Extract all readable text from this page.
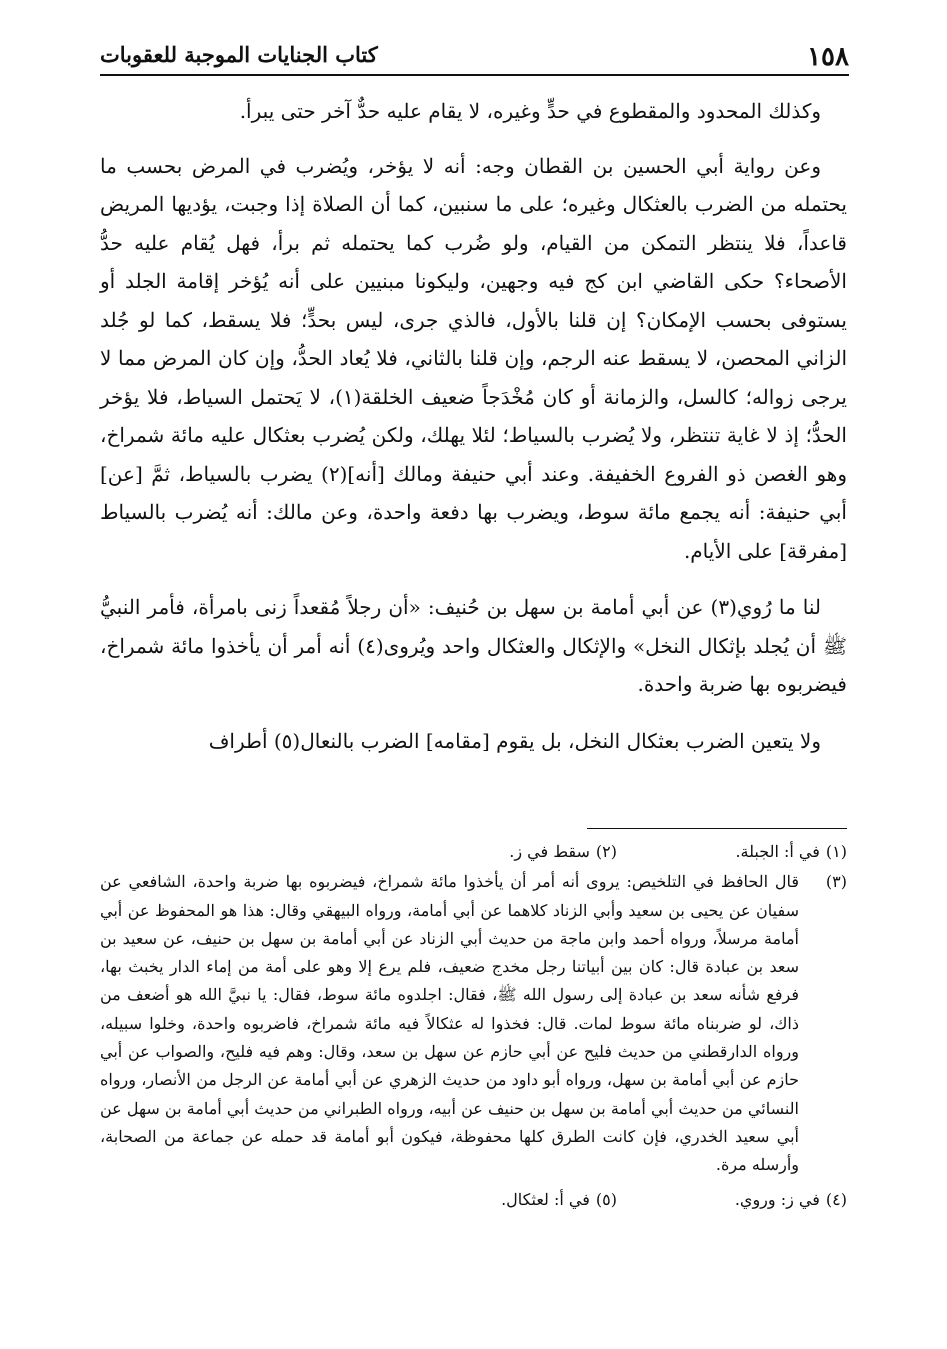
١٥٨
كتاب الجنايات الموجبة للعقوبات

وكذلك المحدود والمقطوع في حدٍّ وغيره، لا يقام عليه حدٌّ آخر حتى يبرأ.

وعن رواية أبي الحسين بن القطان وجه: أنه لا يؤخر، ويُضرب في المرض بحسب ما يحتمله من الضرب بالعثكال وغيره؛ على ما سنبين، كما أن الصلاة إذا وجبت، يؤديها المريض قاعداً، فلا ينتظر التمكن من القيام، ولو ضُرب كما يحتمله ثم برأ، فهل يُقام عليه حدُّ الأصحاء؟ حكى القاضي ابن كج فيه وجهين، وليكونا مبنيين على أنه يُؤخر إقامة الجلد أو يستوفى بحسب الإمكان؟ إن قلنا بالأول، فالذي جرى، ليس بحدٍّ؛ فلا يسقط، كما لو جُلد الزاني المحصن، لا يسقط عنه الرجم، وإن قلنا بالثاني، فلا يُعاد الحدُّ، وإن كان المرض مما لا يرجى زواله؛ كالسل، والزمانة أو كان مُخْدَجاً ضعيف الخلقة(١)، لا يَحتمل السياط، فلا يؤخر الحدُّ؛ إذ لا غاية تنتظر، ولا يُضرب بالسياط؛ لئلا يهلك، ولكن يُضرب بعثكال عليه مائة شمراخ، وهو الغصن ذو الفروع الخفيفة. وعند أبي حنيفة ومالك [أنه](٢) يضرب بالسياط، ثمَّ [عن] أبي حنيفة: أنه يجمع مائة سوط، ويضرب بها دفعة واحدة، وعن مالك: أنه يُضرب بالسياط [مفرقة] على الأيام.

لنا ما رُوي(٣) عن أبي أمامة بن سهل بن حُنيف: «أن رجلاً مُقعداً زنى بامرأة، فأمر النبيُّ ﷺ أن يُجلد بإثكال النخل» والإثكال والعثكال واحد ويُروى(٤) أنه أمر أن يأخذوا مائة شمراخ، فيضربوه بها ضربة واحدة.

ولا يتعين الضرب بعثكال النخل، بل يقوم [مقامه] الضرب بالنعال(٥) أطراف

(١)
في أ: الجبلة.
(٢)
سقط في ز.
(٣)
قال الحافظ في التلخيص: يروى أنه أمر أن يأخذوا مائة شمراخ، فيضربوه بها ضربة واحدة، الشافعي عن سفيان عن يحيى بن سعيد وأبي الزناد كلاهما عن أبي أمامة، ورواه البيهقي وقال: هذا هو المحفوظ عن أبي أمامة مرسلاً، ورواه أحمد وابن ماجة من حديث أبي الزناد عن أبي أمامة بن سهل بن حنيف، عن سعيد بن سعد بن عبادة قال: كان بين أبياتنا رجل مخدج ضعيف، فلم يرع إلا وهو على أمة من إماء الدار يخبث بها، فرفع شأنه سعد بن عبادة إلى رسول الله ﷺ، فقال: اجلدوه مائة سوط، فقال: يا نبيَّ الله هو أضعف من ذاك، لو ضربناه مائة سوط لمات. قال: فخذوا له عثكالاً فيه مائة شمراخ، فاضربوه واحدة، وخلوا سبيله، ورواه الدارقطني من حديث فليح عن أبي حازم عن سهل بن سعد، وقال: وهم فيه فليح، والصواب عن أبي حازم عن أبي أمامة بن سهل، ورواه أبو داود من حديث الزهري عن أبي أمامة عن الرجل من الأنصار، ورواه النسائي من حديث أبي أمامة بن سهل بن حنيف عن أبيه، ورواه الطبراني من حديث أبي أمامة بن سهل عن أبي سعيد الخدري، فإن كانت الطرق كلها محفوظة، فيكون أبو أمامة قد حمله عن جماعة من الصحابة، وأرسله مرة.
(٤)
في ز: وروي.
(٥)
في أ: لعثكال.
